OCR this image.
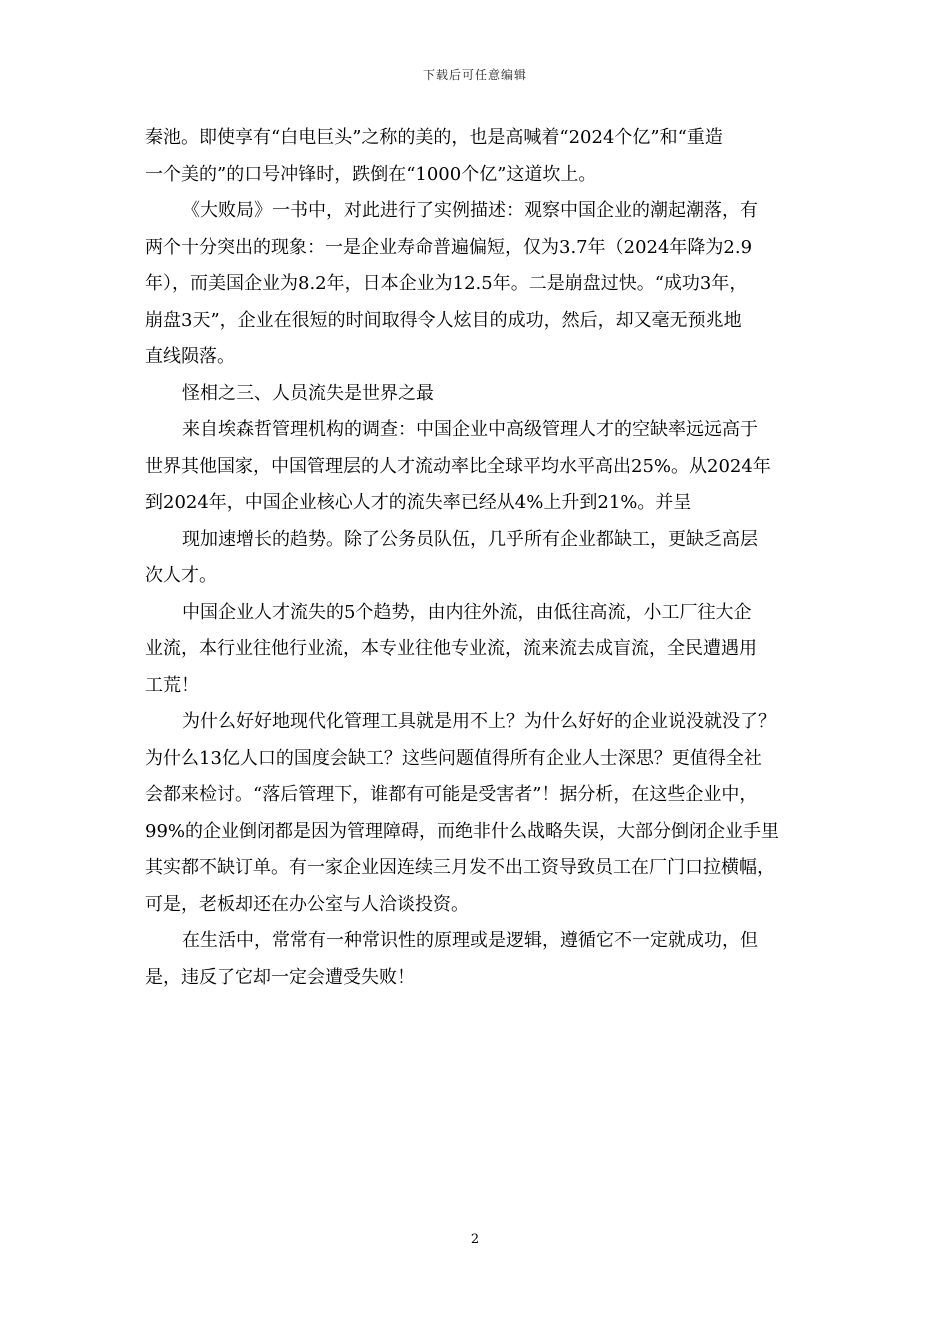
下载后可任意编辑
秦池。即使享有“白电巨头”之称的美的，也是高喊着“2024个亿”和“重造
一个美的”的口号冲锋时，跌倒在“1000个亿”这道坎上。
《大败局》一书中，对此进行了实例描述：观察中国企业的潮起潮落，有
两个十分突出的现象：一是企业寿命普遍偏短，仅为3.7年（2024年降为2.9
年），而美国企业为8.2年，日本企业为12.5年。二是崩盘过快。“成功3年，
崩盘3天”，企业在很短的时间取得令人炫目的成功，然后，却又毫无预兆地
直线陨落。
怪相之三、人员流失是世界之最
来自埃森哲管理机构的调查：中国企业中高级管理人才的空缺率远远高于
世界其他国家，中国管理层的人才流动率比全球平均水平高出25%。从2024年
到2024年，中国企业核心人才的流失率已经从4%上升到21%。并呈
现加速增长的趋势。除了公务员队伍，几乎所有企业都缺工，更缺乏高层
次人才。
中国企业人才流失的5个趋势，由内往外流，由低往高流，小工厂往大企
业流，本行业往他行业流，本专业往他专业流，流来流去成盲流，全民遭遇用
工荒！
为什么好好地现代化管理工具就是用不上？为什么好好的企业说没就没了？
为什么13亿人口的国度会缺工？这些问题值得所有企业人士深思？更值得全社
会都来检讨。“落后管理下，谁都有可能是受害者”！据分析，在这些企业中，
99%的企业倒闭都是因为管理障碍，而绝非什么战略失误，大部分倒闭企业手里
其实都不缺订单。有一家企业因连续三月发不出工资导致员工在厂门口拉横幅，
可是，老板却还在办公室与人洽谈投资。
在生活中，常常有一种常识性的原理或是逻辑，遵循它不一定就成功，但
是，违反了它却一定会遭受失败！
2
